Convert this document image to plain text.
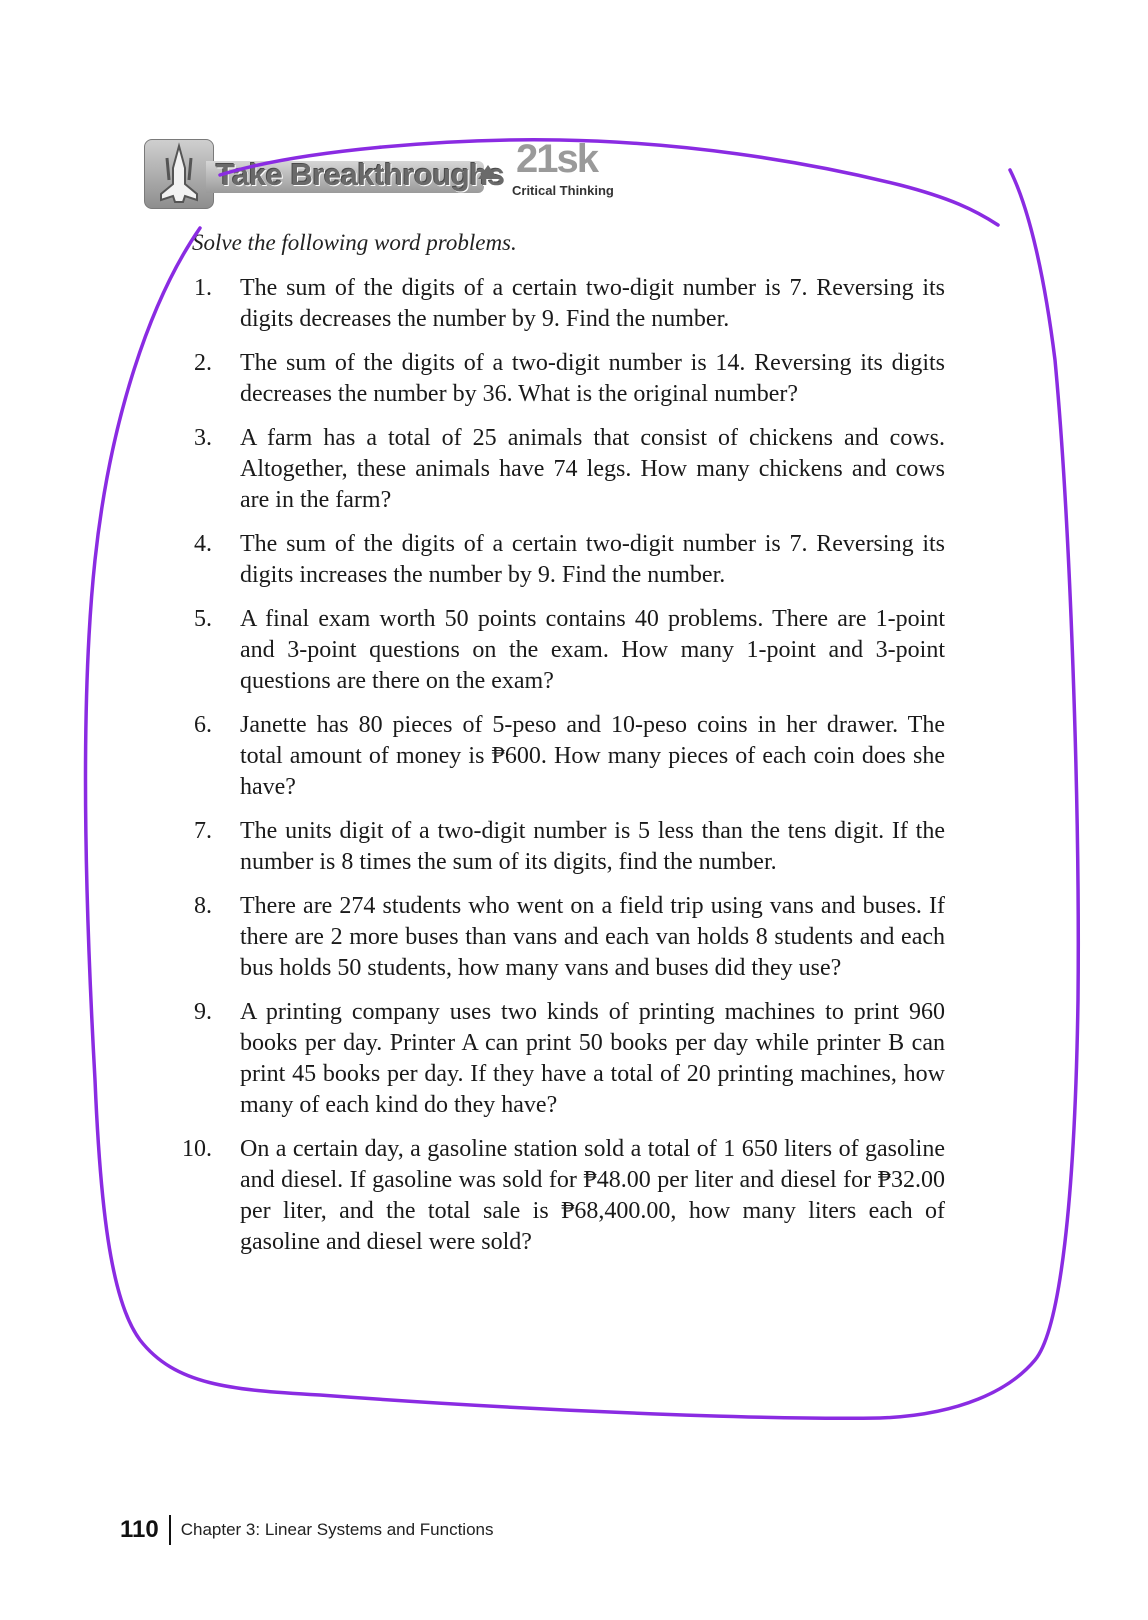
Take Breakthroughs 21sk
Critical Thinking
Solve the following word problems.
1. The sum of the digits of a certain two-digit number is 7. Reversing its digits decreases the number by 9. Find the number.
2. The sum of the digits of a two-digit number is 14. Reversing its digits decreases the number by 36. What is the original number?
3. A farm has a total of 25 animals that consist of chickens and cows. Altogether, these animals have 74 legs. How many chickens and cows are in the farm?
4. The sum of the digits of a certain two-digit number is 7. Reversing its digits increases the number by 9. Find the number.
5. A final exam worth 50 points contains 40 problems. There are 1-point and 3-point questions on the exam. How many 1-point and 3-point questions are there on the exam?
6. Janette has 80 pieces of 5-peso and 10-peso coins in her drawer. The total amount of money is ₱600. How many pieces of each coin does she have?
7. The units digit of a two-digit number is 5 less than the tens digit. If the number is 8 times the sum of its digits, find the number.
8. There are 274 students who went on a field trip using vans and buses. If there are 2 more buses than vans and each van holds 8 students and each bus holds 50 students, how many vans and buses did they use?
9. A printing company uses two kinds of printing machines to print 960 books per day. Printer A can print 50 books per day while printer B can print 45 books per day. If they have a total of 20 printing machines, how many of each kind do they have?
10. On a certain day, a gasoline station sold a total of 1 650 liters of gasoline and diesel. If gasoline was sold for ₱48.00 per liter and diesel for ₱32.00 per liter, and the total sale is ₱68,400.00, how many liters each of gasoline and diesel were sold?
110 Chapter 3: Linear Systems and Functions
